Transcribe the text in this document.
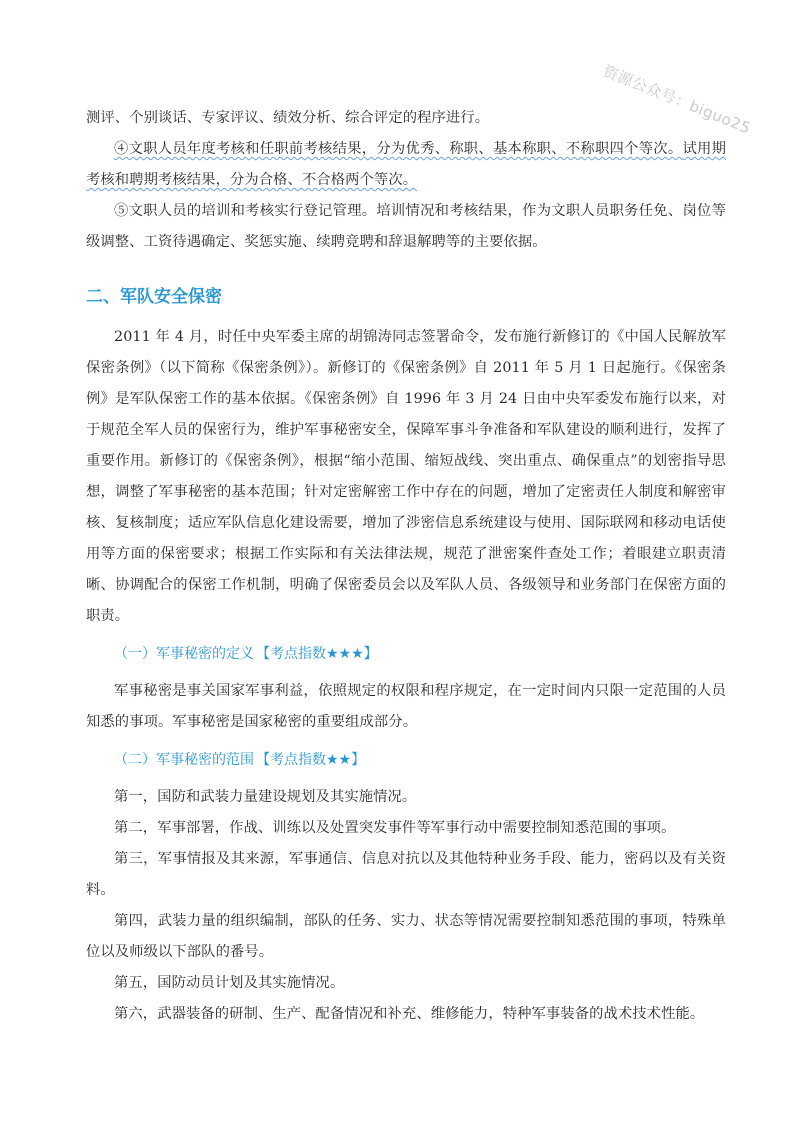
资源公众号：biguo25

测评、个别谈话、专家评议、绩效分析、综合评定的程序进行。

④文职人员年度考核和任职前考核结果，分为优秀、称职、基本称职、不称职四个等次。试用期考核和聘期考核结果，分为合格、不合格两个等次。

⑤文职人员的培训和考核实行登记管理。培训情况和考核结果，作为文职人员职务任免、岗位等级调整、工资待遇确定、奖惩实施、续聘竞聘和辞退解聘等的主要依据。

二、军队安全保密

2011 年 4 月，时任中央军委主席的胡锦涛同志签署命令，发布施行新修订的《中国人民解放军保密条例》（以下简称《保密条例》）。新修订的《保密条例》自 2011 年 5 月 1 日起施行。《保密条例》是军队保密工作的基本依据。《保密条例》自 1996 年 3 月 24 日由中央军委发布施行以来，对于规范全军人员的保密行为，维护军事秘密安全，保障军事斗争准备和军队建设的顺利进行，发挥了重要作用。新修订的《保密条例》，根据“缩小范围、缩短战线、突出重点、确保重点”的划密指导思想，调整了军事秘密的基本范围；针对定密解密工作中存在的问题，增加了定密责任人制度和解密审核、复核制度；适应军队信息化建设需要，增加了涉密信息系统建设与使用、国际联网和移动电话使用等方面的保密要求；根据工作实际和有关法律法规，规范了泄密案件查处工作；着眼建立职责清晰、协调配合的保密工作机制，明确了保密委员会以及军队人员、各级领导和业务部门在保密方面的职责。

（一）军事秘密的定义 【考点指数★★★】

军事秘密是事关国家军事利益，依照规定的权限和程序规定，在一定时间内只限一定范围的人员知悉的事项。军事秘密是国家秘密的重要组成部分。

（二）军事秘密的范围 【考点指数★★】

第一，国防和武装力量建设规划及其实施情况。

第二，军事部署，作战、训练以及处置突发事件等军事行动中需要控制知悉范围的事项。

第三，军事情报及其来源，军事通信、信息对抗以及其他特种业务手段、能力，密码以及有关资料。

第四，武装力量的组织编制，部队的任务、实力、状态等情况需要控制知悉范围的事项，特殊单位以及师级以下部队的番号。

第五，国防动员计划及其实施情况。

第六，武器装备的研制、生产、配备情况和补充、维修能力，特种军事装备的战术技术性能。
